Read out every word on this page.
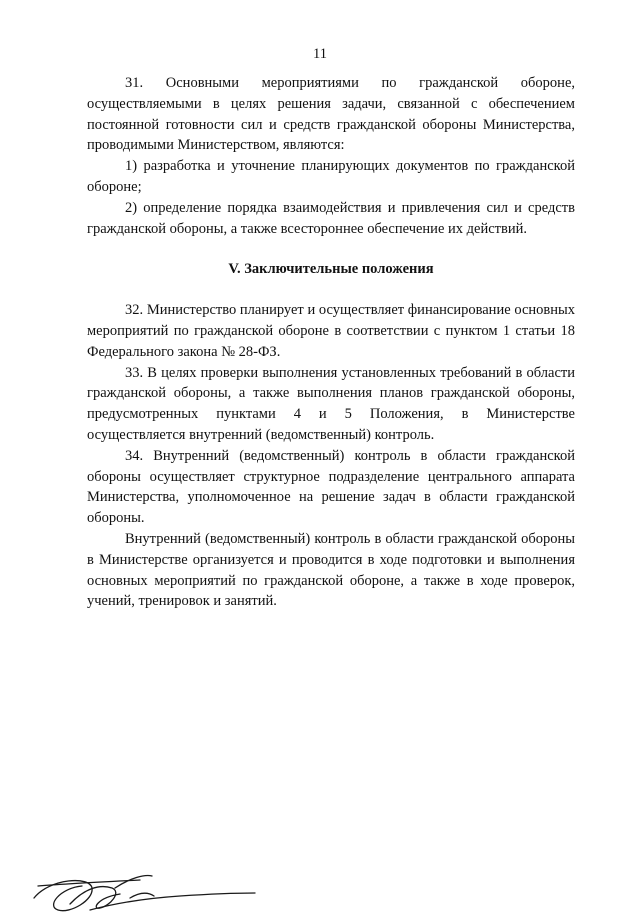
11

31. Основными мероприятиями по гражданской обороне, осуществляемыми в целях решения задачи, связанной с обеспечением постоянной готовности сил и средств гражданской обороны Министерства, проводимыми Министерством, являются:

1) разработка и уточнение планирующих документов по гражданской обороне;

2) определение порядка взаимодействия и привлечения сил и средств гражданской обороны, а также всестороннее обеспечение их действий.

V. Заключительные положения

32. Министерство планирует и осуществляет финансирование основных мероприятий по гражданской обороне в соответствии с пунктом 1 статьи 18 Федерального закона № 28-ФЗ.

33. В целях проверки выполнения установленных требований в области гражданской обороны, а также выполнения планов гражданской обороны, предусмотренных пунктами 4 и 5 Положения, в Министерстве осуществляется внутренний (ведомственный) контроль.

34. Внутренний (ведомственный) контроль в области гражданской обороны осуществляет структурное подразделение центрального аппарата Министерства, уполномоченное на решение задач в области гражданской обороны.

Внутренний (ведомственный) контроль в области гражданской обороны в Министерстве организуется и проводится в ходе подготовки и выполнения основных мероприятий по гражданской обороне, а также в ходе проверок, учений, тренировок и занятий.
